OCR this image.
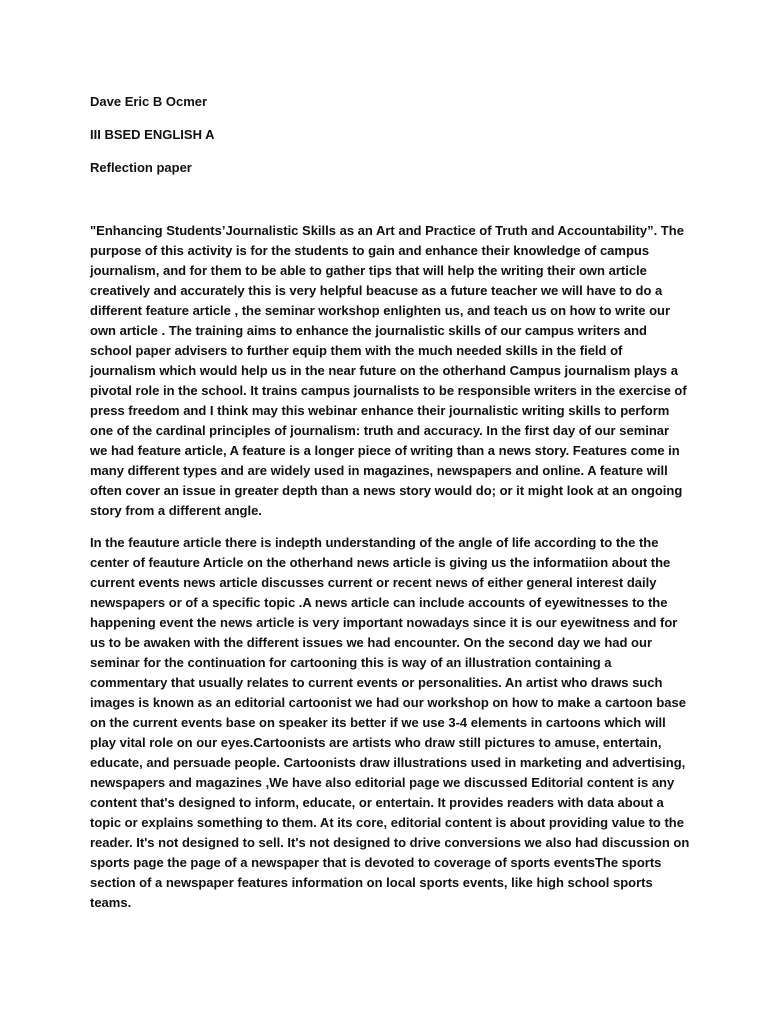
Dave Eric B Ocmer
III BSED ENGLISH A
Reflection paper

"Enhancing Students’Journalistic Skills as an Art and Practice of Truth and Accountability”. The purpose of this activity is for the students to gain and enhance their knowledge of campus journalism, and for them to be able to gather tips that will help the writing their own article creatively and accurately this is very helpful beacuse as a future teacher we will have to do a different feature article , the seminar workshop enlighten us, and teach us on how to write our own article . The training aims to enhance the journalistic skills of our campus writers and school paper advisers to further equip them with the much needed skills in the field of journalism which would help us in the near future on the otherhand Campus journalism plays a pivotal role in the school. It trains campus journalists to be responsible writers in the exercise of press freedom and I think may this webinar enhance their journalistic writing skills to perform one of the cardinal principles of journalism: truth and accuracy. In the first day of our seminar we had feature article, A feature is a longer piece of writing than a news story. Features come in many different types and are widely used in magazines, newspapers and online. A feature will often cover an issue in greater depth than a news story would do; or it might look at an ongoing story from a different angle.

In the feauture article there is indepth understanding of the angle of life according to the the center of feauture Article on the otherhand news article is giving us the informatiion about the current events news article discusses current or recent news of either general interest daily newspapers or of a specific topic .A news article can include accounts of eyewitnesses to the happening event the news article is very important nowadays since it is our eyewitness and for us to be awaken with the different issues we had encounter. On the second day we had our seminar for the continuation for cartooning this is way of an illustration containing a commentary that usually relates to current events or personalities. An artist who draws such images is known as an editorial cartoonist we had our workshop on how to make a cartoon base on the current events base on speaker its better if we use 3-4 elements in cartoons which will play vital role on our eyes.Cartoonists are artists who draw still pictures to amuse, entertain, educate, and persuade people. Cartoonists draw illustrations used in marketing and advertising, newspapers and magazines ,We have also editorial page we discussed Editorial content is any content that's designed to inform, educate, or entertain. It provides readers with data about a topic or explains something to them. At its core, editorial content is about providing value to the reader. It's not designed to sell. It's not designed to drive conversions we also had discussion on sports page the page of a newspaper that is devoted to coverage of sports eventsThe sports section of a newspaper features information on local sports events, like high school sports teams.
